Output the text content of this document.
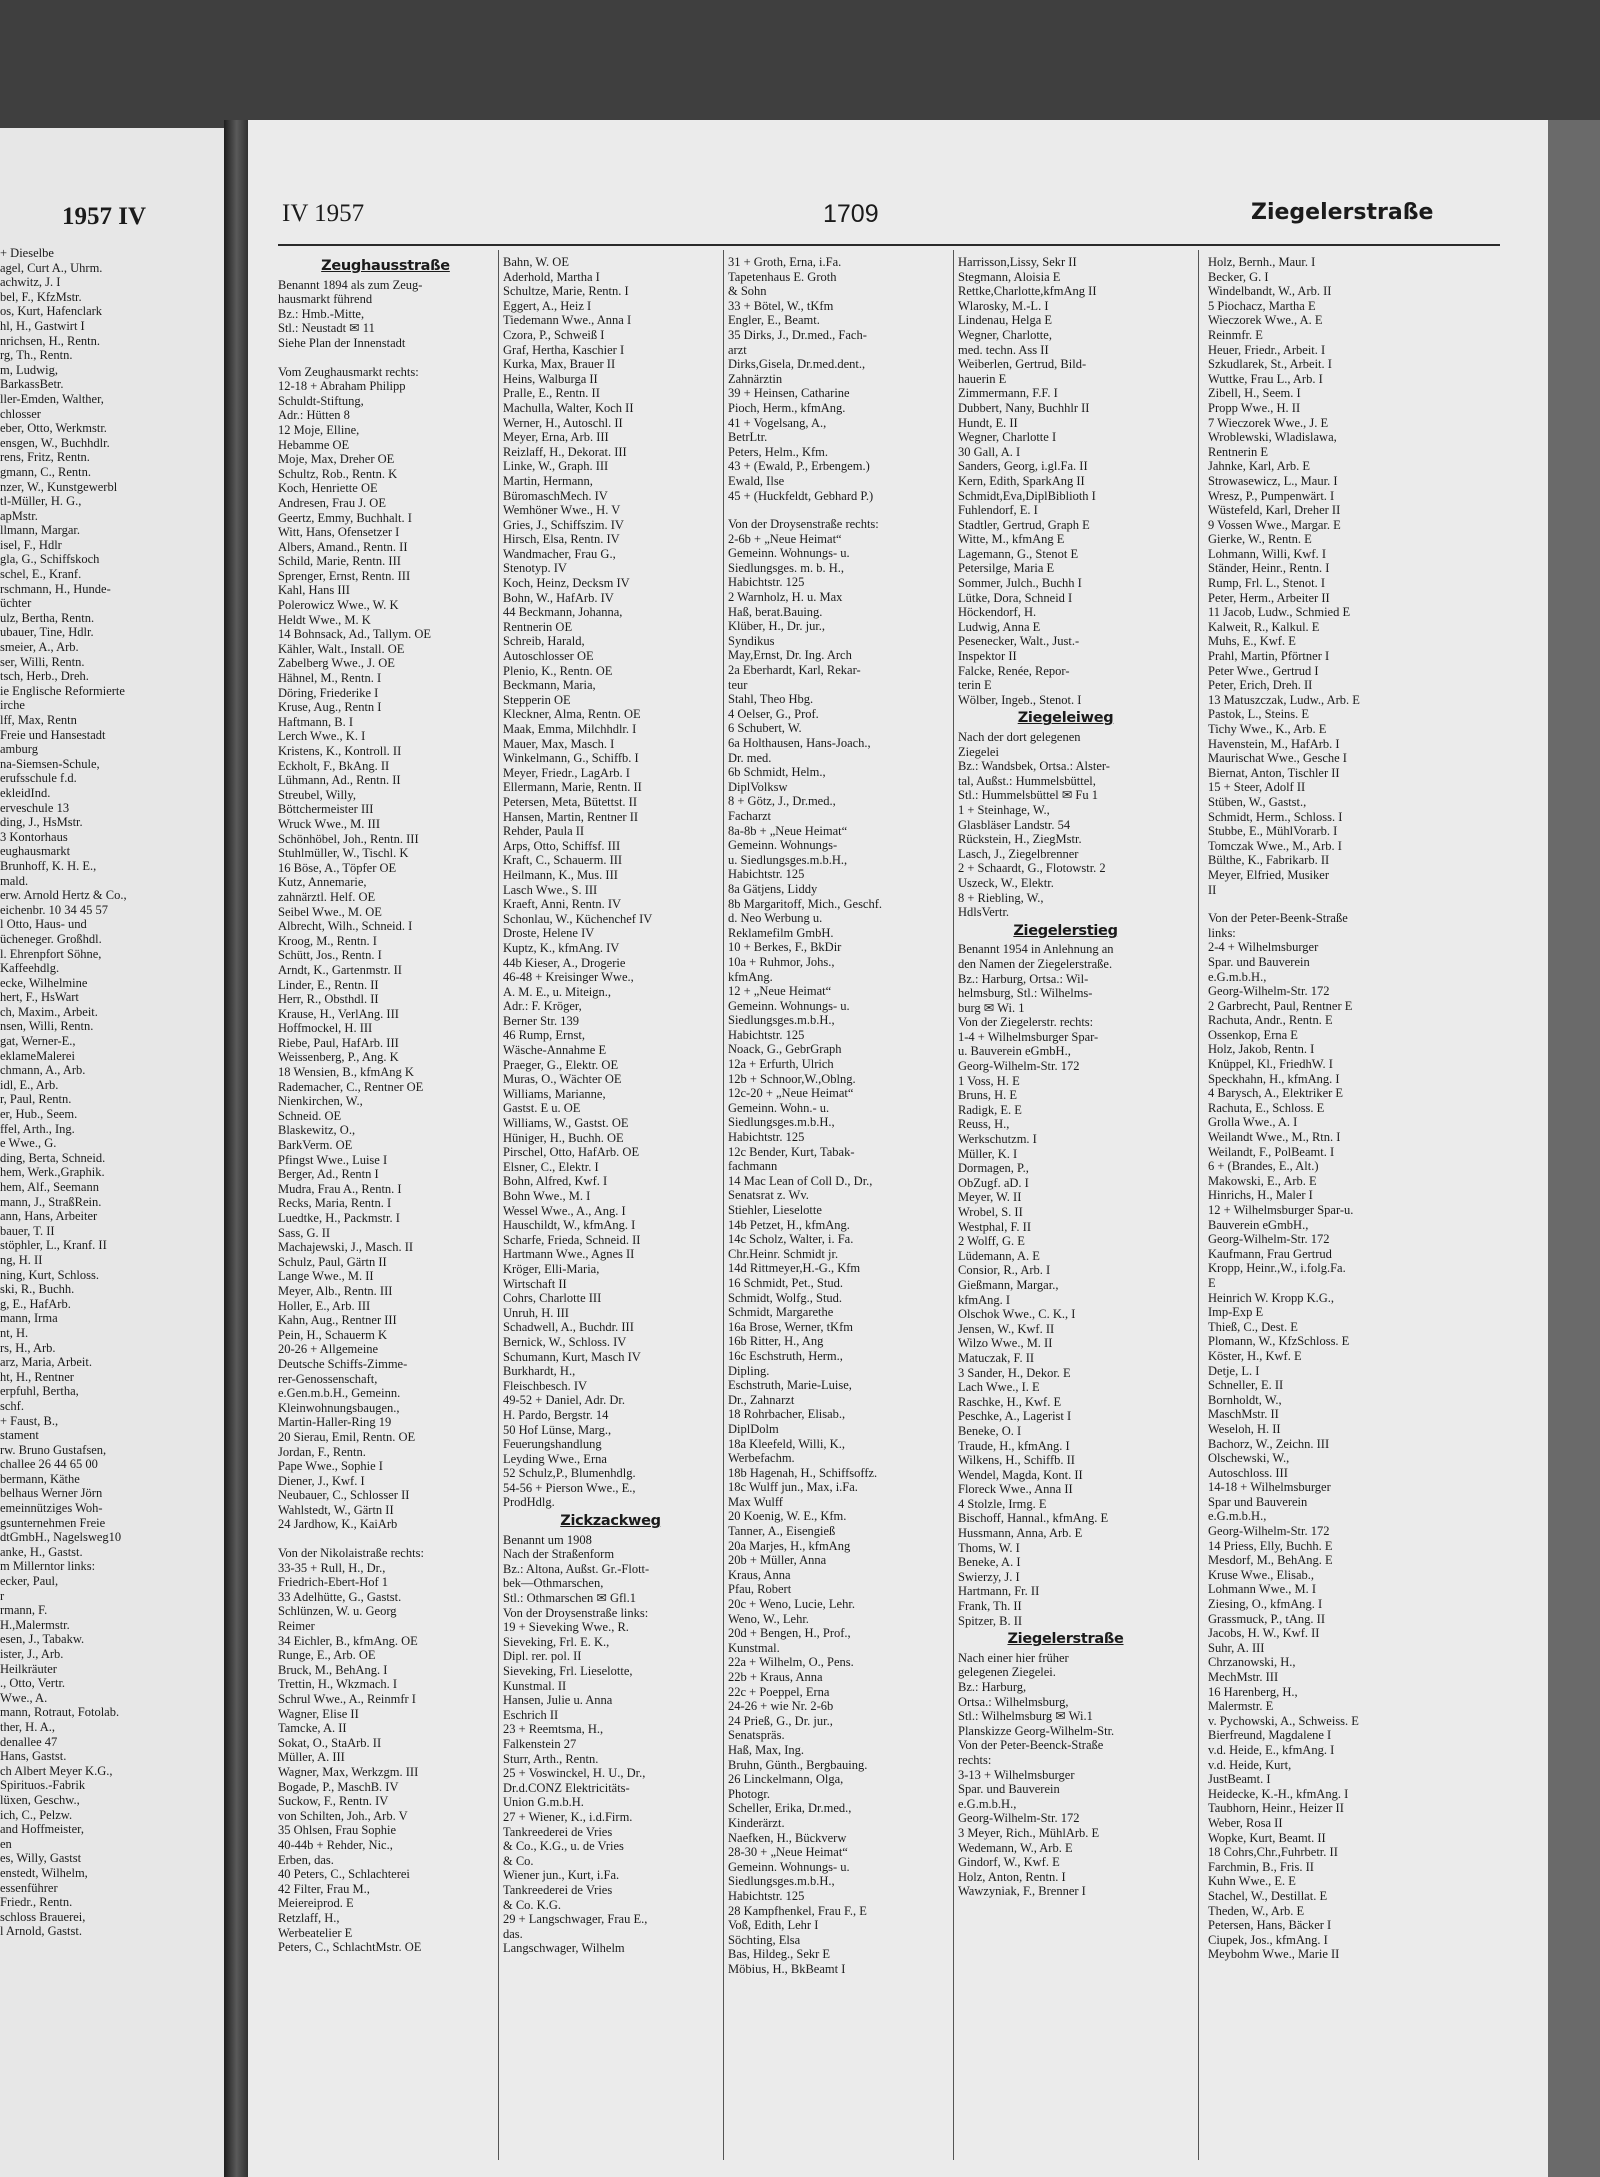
1957 IV
+ Dieselbe
agel, Curt A., Uhrm.
achwitz, J. I
bel, F., KfzMstr.
os, Kurt, Hafenclark
hl, H., Gastwirt I
nrichsen, H., Rentn.
rg, Th., Rentn.
m, Ludwig,
BarkassBetr.
ller-Emden, Walther,
chlosser
eber, Otto, Werkmstr.
ensgen, W., Buchhdlr.
rens, Fritz, Rentn.
gmann, C., Rentn.
nzer, W., Kunstgewerbl
tl-Müller, H. G.,
apMstr.
llmann, Margar.
isel, F., Hdlr
gla, G., Schiffskoch
schel, E., Kranf.
rschmann, H., Hunde-
üchter
ulz, Bertha, Rentn.
ubauer, Tine, Hdlr.
smeier, A., Arb.
ser, Willi, Rentn.
tsch, Herb., Dreh.
ie Englische Reformierte
irche
lff, Max, Rentn
Freie und Hansestadt
amburg
na-Siemsen-Schule,
erufsschule f.d.
ekleidInd.
erveschule 13
ding, J., HsMstr.
3 Kontorhaus
eughausmarkt
Brunhoff, K. H. E.,
mald.
erw. Arnold Hertz & Co.,
eichenbr. 10 34 45 57
l Otto, Haus- und
ücheneger. Großhdl.
l. Ehrenpfort Söhne,
Kaffeehdlg.
ecke, Wilhelmine
hert, F., HsWart
ch, Maxim., Arbeit.
nsen, Willi, Rentn.
gat, Werner-E.,
eklameMalerei
chmann, A., Arb.
idl, E., Arb.
r, Paul, Rentn.
er, Hub., Seem.
ffel, Arth., Ing.
e Wwe., G.
ding, Berta, Schneid.
hem, Werk.,Graphik.
hem, Alf., Seemann
mann, J., StraßRein.
ann, Hans, Arbeiter
bauer, T. II
stöphler, L., Kranf. II
ng, H. II
ning, Kurt, Schloss.
ski, R., Buchh.
g, E., HafArb.
mann, Irma
nt, H.
rs, H., Arb.
arz, Maria, Arbeit.
ht, H., Rentner
erpfuhl, Bertha,
schf.
+ Faust, B.,
stament
rw. Bruno Gustafsen,
challee 26 44 65 00
bermann, Käthe
belhaus Werner Jörn
emeinnütziges Woh-
gsunternehmen Freie
dtGmbH., Nagelsweg10
anke, H., Gastst.
m Millerntor links:
ecker, Paul,
r
rmann, F.
H.,Malermstr.
esen, J., Tabakw.
ister, J., Arb.
Heilkräuter
., Otto, Vertr.
Wwe., A.
mann, Rotraut, Fotolab.
ther, H. A.,
denallee 47
Hans, Gastst.
ch Albert Meyer K.G.,
Spirituos.-Fabrik
lüxen, Geschw.,
ich, C., Pelzw.
and Hoffmeister,
en
es, Willy, Gastst
enstedt, Wilhelm,
essenführer
Friedr., Rentn.
schloss Brauerei,
l Arnold, Gastst.
IV 1957	1709	Ziegelerstraße
Zeughausstraße
Benannt 1894 als zum Zeug-
hausmarkt führend
Bz.: Hmb.-Mitte,
Stl.: Neustadt ✉ 11
Siehe Plan der Innenstadt
Vom Zeughausmarkt rechts:
12-18 + Abraham Philipp
Schuldt-Stiftung,
Adr.: Hütten 8
12 Moje, Elline,
Hebamme OE
Moje, Max, Dreher OE
Schultz, Rob., Rentn. K
Koch, Henriette OE
Andresen, Frau J. OE
Geertz, Emmy, Buchhalt. I
Witt, Hans, Ofensetzer I
Albers, Amand., Rentn. II
Schild, Marie, Rentn. III
Sprenger, Ernst, Rentn. III
Kahl, Hans III
Polerowicz Wwe., W. K
Heldt Wwe., M. K
14 Bohnsack, Ad., Tallym. OE
Kähler, Walt., Install. OE
Zabelberg Wwe., J. OE
Hähnel, M., Rentn. I
Döring, Friederike I
Kruse, Aug., Rentn I
Haftmann, B. I
Lerch Wwe., K. I
Kristens, K., Kontroll. II
Eckholt, F., BkAng. II
Lühmann, Ad., Rentn. II
Streubel, Willy,
Böttchermeister III
Wruck Wwe., M. III
Schönhöbel, Joh., Rentn. III
Stuhlmüller, W., Tischl. K
16 Böse, A., Töpfer OE
Kutz, Annemarie,
zahnärztl. Helf. OE
Seibel Wwe., M. OE
Albrecht, Wilh., Schneid. I
Kroog, M., Rentn. I
Schütt, Jos., Rentn. I
Arndt, K., Gartenmstr. II
Linder, E., Rentn. II
Herr, R., Obsthdl. II
Krause, H., VerlAng. III
Hoffmockel, H. III
Riebe, Paul, HafArb. III
Weissenberg, P., Ang. K
18 Wensien, B., kfmAng K
Rademacher, C., Rentner OE
Nienkirchen, W.,
Schneid. OE
Blaskewitz, O.,
BarkVerm. OE
Pfingst Wwe., Luise I
Berger, Ad., Rentn I
Mudra, Frau A., Rentn. I
Recks, Maria, Rentn. I
Luedtke, H., Packmstr. I
Sass, G. II
Machajewski, J., Masch. II
Schulz, Paul, Gärtn II
Lange Wwe., M. II
Meyer, Alb., Rentn. III
Holler, E., Arb. III
Kahn, Aug., Rentner III
Pein, H., Schauerm K
20-26 + Allgemeine
Deutsche Schiffs-Zimme-
rer-Genossenschaft,
e.Gen.m.b.H., Gemeinn.
Kleinwohnungsbaugen.,
Martin-Haller-Ring 19
20 Sierau, Emil, Rentn. OE
Jordan, F., Rentn.
Pape Wwe., Sophie I
Diener, J., Kwf. I
Neubauer, C., Schlosser II
Wahlstedt, W., Gärtn II
24 Jardhow, K., KaiArb
Von der Nikolaistraße rechts:
33-35 + Rull, H., Dr.,
Friedrich-Ebert-Hof 1
33 Adelhütte, G., Gastst.
Schlünzen, W. u. Georg
Reimer
34 Eichler, B., kfmAng. OE
Runge, E., Arb. OE
Bruck, M., BehAng. I
Trettin, H., Wkzmach. I
Schrul Wwe., A., Reinmfr I
Wagner, Elise II
Tamcke, A. II
Sokat, O., StaArb. II
Müller, A. III
Wagner, Max, Werkzgm. III
Bogade, P., MaschB. IV
Suckow, F., Rentn. IV
von Schilten, Joh., Arb. V
35 Ohlsen, Frau Sophie
40-44b + Rehder, Nic.,
Erben, das.
40 Peters, C., Schlachterei
42 Filter, Frau M.,
Meiereiprod. E
Retzlaff, H.,
Werbeatelier E
Peters, C., SchlachtMstr. OE
Bahn, W. OE
Aderhold, Martha I
Schultze, Marie, Rentn. I
Eggert, A., Heiz I
Tiedemann Wwe., Anna I
Czora, P., Schweiß I
Graf, Hertha, Kaschier I
Kurka, Max, Brauer II
Heins, Walburga II
Pralle, E., Rentn. II
Machulla, Walter, Koch II
Werner, H., Autoschl. II
Meyer, Erna, Arb. III
Reizlaff, H., Dekorat. III
Linke, W., Graph. III
Martin, Hermann,
BüromaschMech. IV
Wemhöner Wwe., H. V
Gries, J., Schiffszim. IV
Hirsch, Elsa, Rentn. IV
Wandmacher, Frau G.,
Stenotyp. IV
Koch, Heinz, Decksm IV
Bohn, W., HafArb. IV
44 Beckmann, Johanna,
Rentnerin OE
Schreib, Harald,
Autoschlosser OE
Plenio, K., Rentn. OE
Beckmann, Maria,
Stepperin OE
Kleckner, Alma, Rentn. OE
Maak, Emma, Milchhdlr. I
Mauer, Max, Masch. I
Winkelmann, G., Schiffb. I
Meyer, Friedr., LagArb. I
Ellermann, Marie, Rentn. II
Petersen, Meta, Bütettst. II
Hansen, Martin, Rentner II
Rehder, Paula II
Arps, Otto, Schiffsf. III
Kraft, C., Schauerm. III
Heilmann, K., Mus. III
Lasch Wwe., S. III
Kraeft, Anni, Rentn. IV
Schonlau, W., Küchenchef IV
Droste, Helene IV
Kuptz, K., kfmAng. IV
44b Kieser, A., Drogerie
46-48 + Kreisinger Wwe.,
A. M. E., u. Miteign.,
Adr.: F. Kröger,
Berner Str. 139
46 Rump, Ernst,
Wäsche-Annahme E
Praeger, G., Elektr. OE
Muras, O., Wächter OE
Williams, Marianne,
Gastst. E u. OE
Williams, W., Gastst. OE
Hüniger, H., Buchh. OE
Pirschel, Otto, HafArb. OE
Elsner, C., Elektr. I
Bohn, Alfred, Kwf. I
Bohn Wwe., M. I
Wessel Wwe., A., Ang. I
Hauschildt, W., kfmAng. I
Scharfe, Frieda, Schneid. II
Hartmann Wwe., Agnes II
Kröger, Elli-Maria,
Wirtschaft II
Cohrs, Charlotte III
Unruh, H. III
Schadwell, A., Buchdr. III
Bernick, W., Schloss. IV
Schumann, Kurt, Masch IV
Burkhardt, H.,
Fleischbesch. IV
49-52 + Daniel, Adr. Dr.
H. Pardo, Bergstr. 14
50 Hof Lünse, Marg.,
Feuerungshandlung
Leyding Wwe., Erna
52 Schulz,P., Blumenhdlg.
54-56 + Pierson Wwe., E.,
ProdHdlg.
Zickzackweg
Benannt um 1908
Nach der Straßenform
Bz.: Altona, Außst. Gr.-Flott-
bek—Othmarschen,
Stl.: Othmarschen ✉ Gfl.1
Von der Droysenstraße links:
19 + Sieveking Wwe., R.
Sieveking, Frl. E. K.,
Dipl. rer. pol. II
Sieveking, Frl. Lieselotte,
Kunstmal. II
Hansen, Julie u. Anna
Eschrich II
23 + Reemtsma, H.,
Falkenstein 27
Sturr, Arth., Rentn.
25 + Voswinckel, H. U., Dr.,
Dr.d.CONZ Elektricitäts-
Union G.m.b.H.
27 + Wiener, K., i.d.Firm.
Tankreederei de Vries
& Co., K.G., u. de Vries
& Co.
Wiener jun., Kurt, i.Fa.
Tankreederei de Vries
& Co. K.G.
29 + Langschwager, Frau E.,
das.
Langschwager, Wilhelm
31 + Groth, Erna, i.Fa.
Tapetenhaus E. Groth
& Sohn
33 + Bötel, W., tKfm
Engler, E., Beamt.
35 Dirks, J., Dr.med., Fach-
arzt
Dirks,Gisela, Dr.med.dent.,
Zahnärztin
39 + Heinsen, Catharine
Pioch, Herm., kfmAng.
41 + Vogelsang, A.,
BetrLtr.
Peters, Helm., Kfm.
43 + (Ewald, P., Erbengem.)
Ewald, Ilse
45 + (Huckfeldt, Gebhard P.)
Von der Droysenstraße rechts:
2-6b + „Neue Heimat“
Gemeinn. Wohnungs- u.
Siedlungsges. m. b. H.,
Habichtstr. 125
2 Warnholz, H. u. Max
Haß, berat.Bauing.
Klüber, H., Dr. jur.,
Syndikus
May,Ernst, Dr. Ing. Arch
2a Eberhardt, Karl, Rekar-
teur
Stahl, Theo Hbg.
4 Oelser, G., Prof.
6 Schubert, W.
6a Holthausen, Hans-Joach.,
Dr. med.
6b Schmidt, Helm.,
DiplVolksw
8 + Götz, J., Dr.med.,
Facharzt
8a-8b + „Neue Heimat“
Gemeinn. Wohnungs-
u. Siedlungsges.m.b.H.,
Habichtstr. 125
8a Gätjens, Liddy
8b Margaritoff, Mich., Geschf.
d. Neo Werbung u.
Reklamefilm GmbH.
10 + Berkes, F., BkDir
10a + Ruhmor, Johs.,
kfmAng.
12 + „Neue Heimat“
Gemeinn. Wohnungs- u.
Siedlungsges.m.b.H.,
Habichtstr. 125
Noack, G., GebrGraph
12a + Erfurth, Ulrich
12b + Schnoor,W.,Oblng.
12c-20 + „Neue Heimat“
Gemeinn. Wohn.- u.
Siedlungsges.m.b.H.,
Habichtstr. 125
12c Bender, Kurt, Tabak-
fachmann
14 Mac Lean of Coll D., Dr.,
Senatsrat z. Wv.
Stiehler, Lieselotte
14b Petzet, H., kfmAng.
14c Scholz, Walter, i. Fa.
Chr.Heinr. Schmidt jr.
14d Rittmeyer,H.-G., Kfm
16 Schmidt, Pet., Stud.
Schmidt, Wolfg., Stud.
Schmidt, Margarethe
16a Brose, Werner, tKfm
16b Ritter, H., Ang
16c Eschstruth, Herm.,
Dipling.
Eschstruth, Marie-Luise,
Dr., Zahnarzt
18 Rohrbacher, Elisab.,
DiplDolm
18a Kleefeld, Willi, K.,
Werbefachm.
18b Hagenah, H., Schiffsoffz.
18c Wulff jun., Max, i.Fa.
Max Wulff
20 Koenig, W. E., Kfm.
Tanner, A., Eisengieß
20a Marjes, H., kfmAng
20b + Müller, Anna
Kraus, Anna
Pfau, Robert
20c + Weno, Lucie, Lehr.
Weno, W., Lehr.
20d + Bengen, H., Prof.,
Kunstmal.
22a + Wilhelm, O., Pens.
22b + Kraus, Anna
22c + Poeppel, Erna
24-26 + wie Nr. 2-6b
24 Prieß, G., Dr. jur.,
Senatspräs.
Haß, Max, Ing.
Bruhn, Günth., Bergbauing.
26 Linckelmann, Olga,
Photogr.
Scheller, Erika, Dr.med.,
Kinderärzt.
Naefken, H., Bückverw
28-30 + „Neue Heimat“
Gemeinn. Wohnungs- u.
Siedlungsges.m.b.H.,
Habichtstr. 125
28 Kampfhenkel, Frau F., E
Voß, Edith, Lehr I
Söchting, Elsa
Bas, Hildeg., Sekr E
Möbius, H., BkBeamt I
Harrisson,Lissy, Sekr II
Stegmann, Aloisia E
Rettke,Charlotte,kfmAng II
Wlarosky, M.-L. I
Lindenau, Helga E
Wegner, Charlotte,
med. techn. Ass II
Weiberlen, Gertrud, Bild-
hauerin E
Zimmermann, F.F. I
Dubbert, Nany, Buchhlr II
Hundt, E. II
Wegner, Charlotte I
30 Gall, A. I
Sanders, Georg, i.gl.Fa. II
Kern, Edith, SparkAng II
Schmidt,Eva,DiplBiblioth I
Fuhlendorf, E. I
Stadtler, Gertrud, Graph E
Witte, M., kfmAng E
Lagemann, G., Stenot E
Petersilge, Maria E
Sommer, Julch., Buchh I
Lütke, Dora, Schneid I
Höckendorf, H.
Ludwig, Anna E
Pesenecker, Walt., Just.-
Inspektor II
Falcke, Renée, Repor-
terin E
Wölber, Ingeb., Stenot. I
Ziegeleiweg
Nach der dort gelegenen
Ziegelei
Bz.: Wandsbek, Ortsa.: Alster-
tal, Außst.: Hummelsbüttel,
Stl.: Hummelsbüttel ✉ Fu 1
1 + Steinhage, W.,
Glasbläser Landstr. 54
Rückstein, H., ZiegMstr.
Lasch, J., Ziegelbrenner
2 + Schaardt, G., Flotowstr. 2
Uszeck, W., Elektr.
8 + Riebling, W.,
HdlsVertr.
Ziegelerstieg
Benannt 1954 in Anlehnung an
den Namen der Ziegelerstraße.
Bz.: Harburg, Ortsa.: Wil-
helmsburg, Stl.: Wilhelms-
burg ✉ Wi. 1
Von der Ziegelerstr. rechts:
1-4 + Wilhelmsburger Spar-
u. Bauverein eGmbH.,
Georg-Wilhelm-Str. 172
1 Voss, H. E
Bruns, H. E
Radigk, E. E
Reuss, H.,
Werkschutzm. I
Müller, K. I
Dormagen, P.,
ObZugf. aD. I
Meyer, W. II
Wrobel, S. II
Westphal, F. II
2 Wolff, G. E
Lüdemann, A. E
Consior, R., Arb. I
Gießmann, Margar.,
kfmAng. I
Olschok Wwe., C. K., I
Jensen, W., Kwf. II
Wilzo Wwe., M. II
Matuczak, F. II
3 Sander, H., Dekor. E
Lach Wwe., I. E
Raschke, H., Kwf. E
Peschke, A., Lagerist I
Beneke, O. I
Traude, H., kfmAng. I
Wilkens, H., Schiffb. II
Wendel, Magda, Kont. II
Floreck Wwe., Anna II
4 Stolzle, Irmg. E
Bischoff, Hannal., kfmAng. E
Hussmann, Anna, Arb. E
Thoms, W. I
Beneke, A. I
Swierzy, J. I
Hartmann, Fr. II
Frank, Th. II
Spitzer, B. II
Ziegelerstraße
Nach einer hier früher
gelegenen Ziegelei.
Bz.: Harburg,
Ortsa.: Wilhelmsburg,
Stl.: Wilhelmsburg ✉ Wi.1
Planskizze Georg-Wilhelm-Str.
Von der Peter-Beenck-Straße
rechts:
3-13 + Wilhelmsburger
Spar. und Bauverein
e.G.m.b.H.,
Georg-Wilhelm-Str. 172
3 Meyer, Rich., MühlArb. E
Wedemann, W., Arb. E
Gindorf, W., Kwf. E
Holz, Anton, Rentn. I
Wawzyniak, F., Brenner I
Holz, Bernh., Maur. I
Becker, G. I
Windelbandt, W., Arb. II
5 Piochacz, Martha E
Wieczorek Wwe., A. E
Reinmfr. E
Heuer, Friedr., Arbeit. I
Szkudlarek, St., Arbeit. I
Wuttke, Frau L., Arb. I
Zibell, H., Seem. I
Propp Wwe., H. II
7 Wieczorek Wwe., J. E
Wroblewski, Wladislawa,
Rentnerin E
Jahnke, Karl, Arb. E
Strowasewicz, L., Maur. I
Wresz, P., Pumpenwärt. I
Wüstefeld, Karl, Dreher II
9 Vossen Wwe., Margar. E
Gierke, W., Rentn. E
Lohmann, Willi, Kwf. I
Ständer, Heinr., Rentn. I
Rump, Frl. L., Stenot. I
Peter, Herm., Arbeiter II
11 Jacob, Ludw., Schmied E
Kalweit, R., Kalkul. E
Muhs, E., Kwf. E
Prahl, Martin, Pförtner I
Peter Wwe., Gertrud I
Peter, Erich, Dreh. II
13 Matuszczak, Ludw., Arb. E
Pastok, L., Steins. E
Tichy Wwe., K., Arb. E
Havenstein, M., HafArb. I
Maurischat Wwe., Gesche I
Biernat, Anton, Tischler II
15 + Steer, Adolf II
Stüben, W., Gastst.,
Schmidt, Herm., Schloss. I
Stubbe, E., MühlVorarb. I
Tomczak Wwe., M., Arb. I
Bülthe, K., Fabrikarb. II
Meyer, Elfried, Musiker
II
Von der Peter-Beenk-Straße
links:
2-4 + Wilhelmsburger
Spar. und Bauverein
e.G.m.b.H.,
Georg-Wilhelm-Str. 172
2 Garbrecht, Paul, Rentner E
Rachuta, Andr., Rentn. E
Ossenkop, Erna E
Holz, Jakob, Rentn. I
Knüppel, Kl., FriedhW. I
Speckhahn, H., kfmAng. I
4 Barysch, A., Elektriker E
Rachuta, E., Schloss. E
Grolla Wwe., A. I
Weilandt Wwe., M., Rtn. I
Weilandt, F., PolBeamt. I
6 + (Brandes, E., Alt.)
Makowski, E., Arb. E
Hinrichs, H., Maler I
12 + Wilhelmsburger Spar-u.
Bauverein eGmbH.,
Georg-Wilhelm-Str. 172
Kaufmann, Frau Gertrud
Kropp, Heinr.,W., i.folg.Fa.
E
Heinrich W. Kropp K.G.,
Imp-Exp E
Thieß, C., Dest. E
Plomann, W., KfzSchloss. E
Köster, H., Kwf. E
Detje, L. I
Schneller, E. II
Bornholdt, W.,
MaschMstr. II
Weseloh, H. II
Bachorz, W., Zeichn. III
Olschewski, W.,
Autoschloss. III
14-18 + Wilhelmsburger
Spar und Bauverein
e.G.m.b.H.,
Georg-Wilhelm-Str. 172
14 Priess, Elly, Buchh. E
Mesdorf, M., BehAng. E
Kruse Wwe., Elisab.,
Lohmann Wwe., M. I
Ziesing, O., kfmAng. I
Grassmuck, P., tAng. II
Jacobs, H. W., Kwf. II
Suhr, A. III
Chrzanowski, H.,
MechMstr. III
16 Harenberg, H.,
Malermstr. E
v. Pychowski, A., Schweiss. E
Bierfreund, Magdalene I
v.d. Heide, E., kfmAng. I
v.d. Heide, Kurt,
JustBeamt. I
Heidecke, K.-H., kfmAng. I
Taubhorn, Heinr., Heizer II
Weber, Rosa II
Wopke, Kurt, Beamt. II
18 Cohrs,Chr.,Fuhrbetr. II
Farchmin, B., Fris. II
Kuhn Wwe., E. E
Stachel, W., Destillat. E
Theden, W., Arb. E
Petersen, Hans, Bäcker I
Ciupek, Jos., kfmAng. I
Meybohm Wwe., Marie II
